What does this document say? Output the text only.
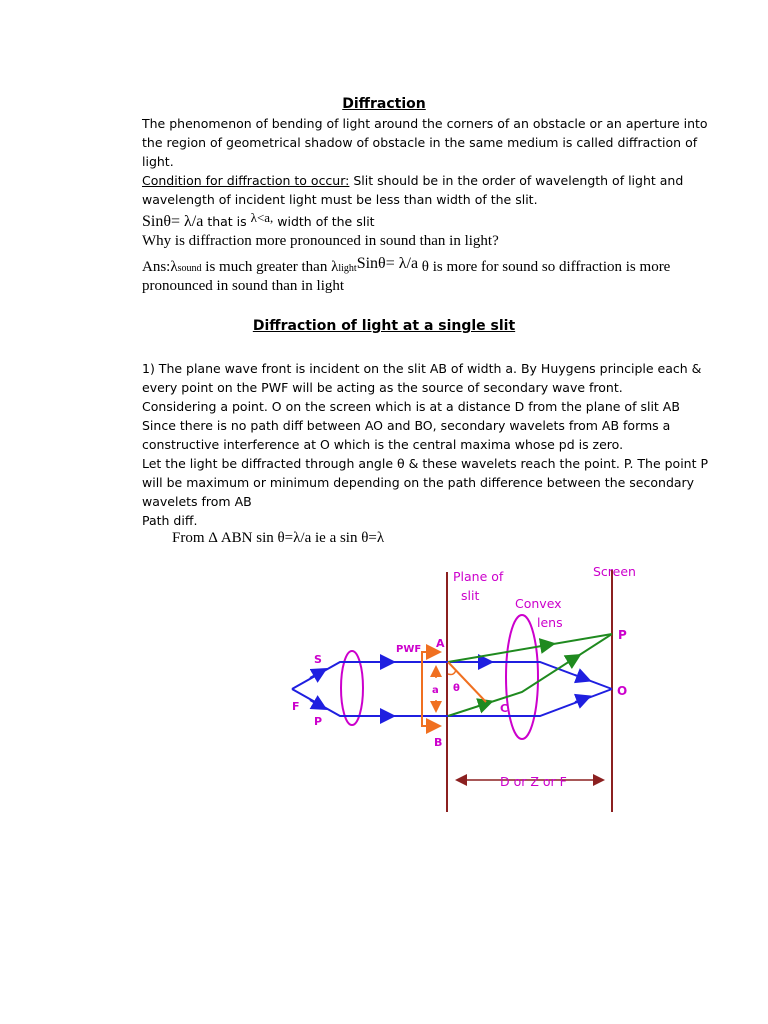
Diffraction
The phenomenon of bending of light around the corners of an obstacle or an aperture into the region of geometrical shadow of obstacle in the same medium is called diffraction of light.
Condition for diffraction to occur: Slit should be in the order of wavelength of light and wavelength of incident light must be less than width of the slit.
Sinθ= λ/a that is λ<a, width of the slit
Why is diffraction more pronounced in sound than in light?
Ans:λsound is much greater than λlightSinθ= λ/a θ is more for sound so diffraction is more
pronounced in sound than in light
Diffraction of light at a single slit
1) The plane wave front is incident on the slit AB of width a. By Huygens principle each & every point on the PWF will be acting as the source of secondary wave front.
Considering a point. O on the screen which is at a distance D from the plane of slit AB Since there is no path diff between AO and BO, secondary wavelets from AB forms a constructive interference at O which is the central maxima whose pd is zero.
Let the light be diffracted through angle θ & these wavelets reach the point. P. The point P will be maximum or minimum depending on the path difference between the secondary wavelets from AB
Path diff.
From Δ ABN sin θ=λ/a ie a sin θ=λ
Plane of
slit
Screen
Convex
lens
S
F
P
PWF A
B
a θ
C
P
O
D or Z or F
